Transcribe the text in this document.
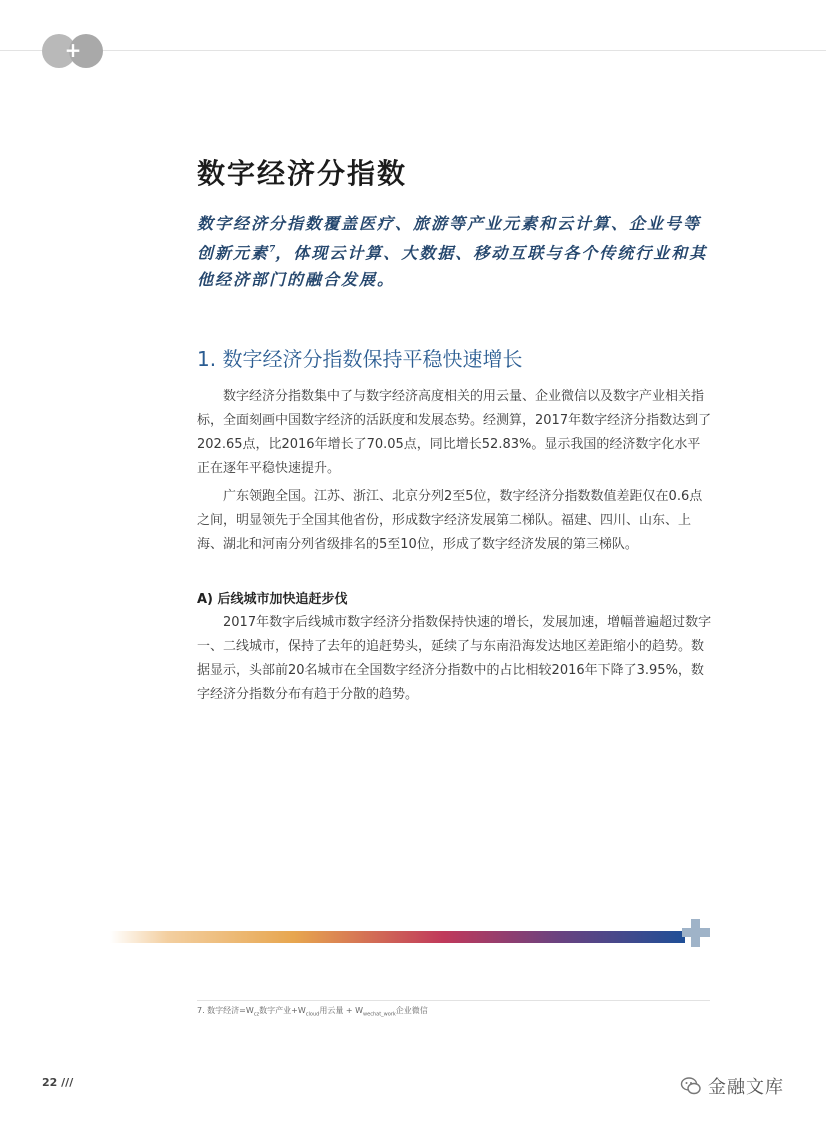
+
数字经济分指数

数字经济分指数覆盖医疗、旅游等产业元素和云计算、企业号等创新元素$^7$，体现云计算、大数据、移动互联与各个传统行业和其他经济部门的融合发展。

1. 数字经济分指数保持平稳快速增长

数字经济分指数集中了与数字经济高度相关的用云量、企业微信以及数字产业相关指标，全面刻画中国数字经济的活跃度和发展态势。经测算，2017年数字经济分指数达到了202.65点，比2016年增长了70.05点，同比增长52.83%。显示我国的经济数字化水平正在逐年平稳快速提升。

广东领跑全国。江苏、浙江、北京分列2至5位，数字经济分指数数值差距仅在0.6点之间，明显领先于全国其他省份，形成数字经济发展第二梯队。福建、四川、山东、上海、湖北和河南分列省级排名的5至10位，形成了数字经济发展的第三梯队。

A) 后线城市加快追赶步伐

2017年数字后线城市数字经济分指数保持快速的增长，发展加速，增幅普遍超过数字一、二线城市，保持了去年的追赶势头，延续了与东南沿海发达地区差距缩小的趋势。数据显示，头部前20名城市在全国数字经济分指数中的占比相较2016年下降了3.95%，数字经济分指数分布有趋于分散的趋势。

7. 数字经济$=W_{cz}$数字产业$+W_{cloud}$用云量 + $W_{wechat\_work}$企业微信

22 ///	金融文库
